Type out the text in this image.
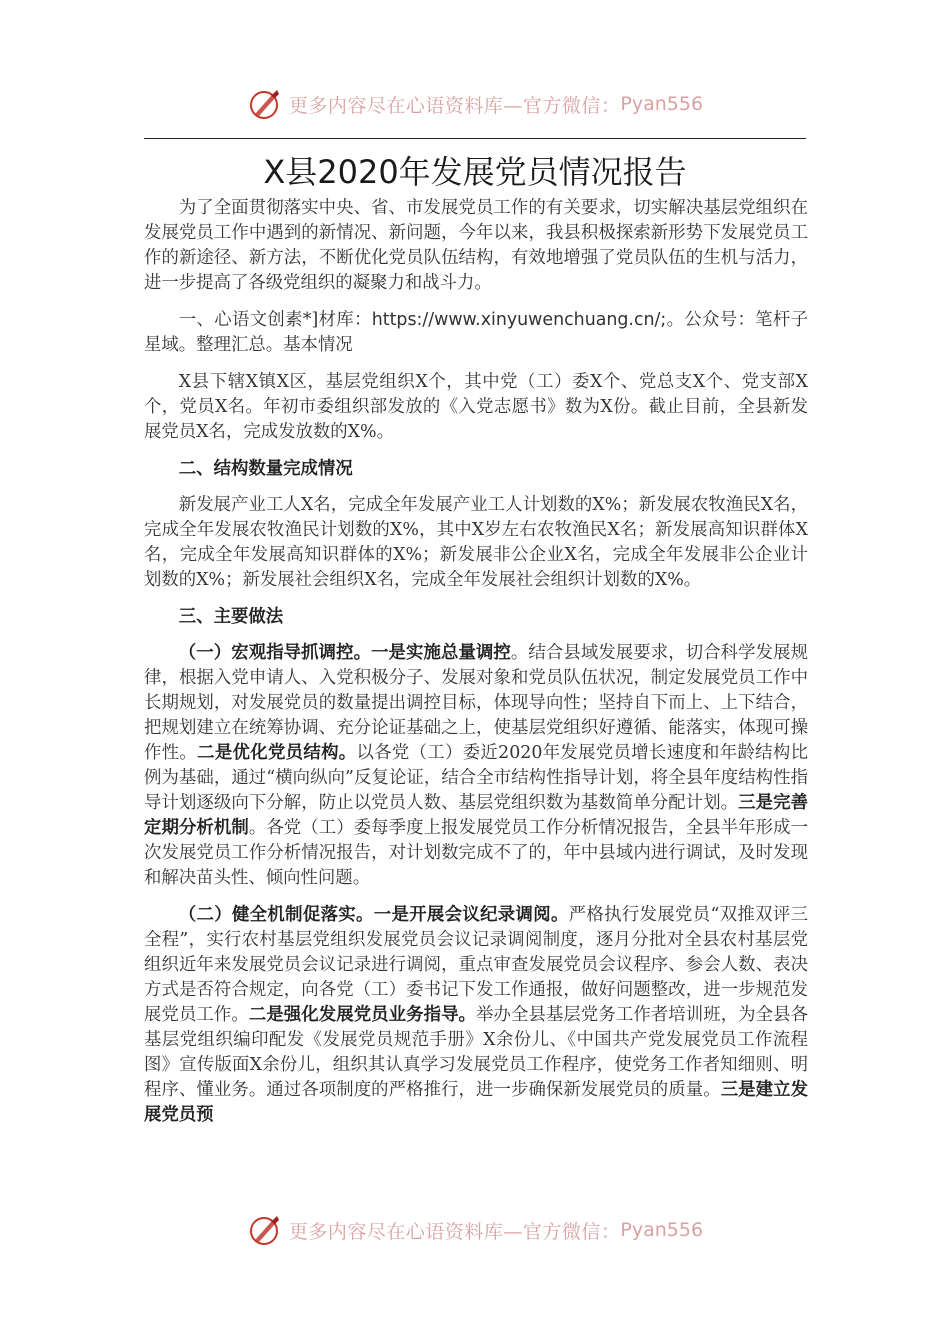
更多内容尽在心语资料库—官方微信： Pyan556
X县2020年发展党员情况报告

为了全面贯彻落实中央、省、市发展党员工作的有关要求，切实解决基层党组织在发展党员工作中遇到的新情况、新问题，今年以来，我县积极探索新形势下发展党员工作的新途径、新方法，不断优化党员队伍结构，有效地增强了党员队伍的生机与活力，进一步提高了各级党组织的凝聚力和战斗力。

一、心语文创素*]材库：https://www.xinyuwenchuang.cn/;。公众号：笔杆子星域。整理汇总。基本情况

X县下辖X镇X区，基层党组织X个，其中党（工）委X个、党总支X个、党支部X个，党员X名。年初市委组织部发放的《入党志愿书》数为X份。截止目前，全县新发展党员X名，完成发放数的X%。

二、结构数量完成情况

新发展产业工人X名，完成全年发展产业工人计划数的X%；新发展农牧渔民X名，完成全年发展农牧渔民计划数的X%，其中X岁左右农牧渔民X名；新发展高知识群体X名，完成全年发展高知识群体的X%；新发展非公企业X名，完成全年发展非公企业计划数的X%；新发展社会组织X名，完成全年发展社会组织计划数的X%。

三、主要做法

（一）宏观指导抓调控。一是实施总量调控。结合县域发展要求，切合科学发展规律，根据入党申请人、入党积极分子、发展对象和党员队伍状况，制定发展党员工作中长期规划，对发展党员的数量提出调控目标，体现导向性；坚持自下而上、上下结合，把规划建立在统筹协调、充分论证基础之上，使基层党组织好遵循、能落实，体现可操作性。二是优化党员结构。以各党（工）委近2020年发展党员增长速度和年龄结构比例为基础，通过“横向纵向”反复论证，结合全市结构性指导计划，将全县年度结构性指导计划逐级向下分解，防止以党员人数、基层党组织数为基数简单分配计划。三是完善定期分析机制。各党（工）委每季度上报发展党员工作分析情况报告，全县半年形成一次发展党员工作分析情况报告，对计划数完成不了的，年中县域内进行调试，及时发现和解决苗头性、倾向性问题。

（二）健全机制促落实。一是开展会议纪录调阅。严格执行发展党员“双推双评三全程”，实行农村基层党组织发展党员会议记录调阅制度，逐月分批对全县农村基层党组织近年来发展党员会议记录进行调阅，重点审查发展党员会议程序、参会人数、表决方式是否符合规定，向各党（工）委书记下发工作通报，做好问题整改，进一步规范发展党员工作。二是强化发展党员业务指导。举办全县基层党务工作者培训班，为全县各基层党组织编印配发《发展党员规范手册》X余份儿、《中国共产党发展党员工作流程图》宣传版面X余份儿，组织其认真学习发展党员工作程序，使党务工作者知细则、明程序、懂业务。通过各项制度的严格推行，进一步确保新发展党员的质量。三是建立发展党员预

更多内容尽在心语资料库—官方微信： Pyan556
